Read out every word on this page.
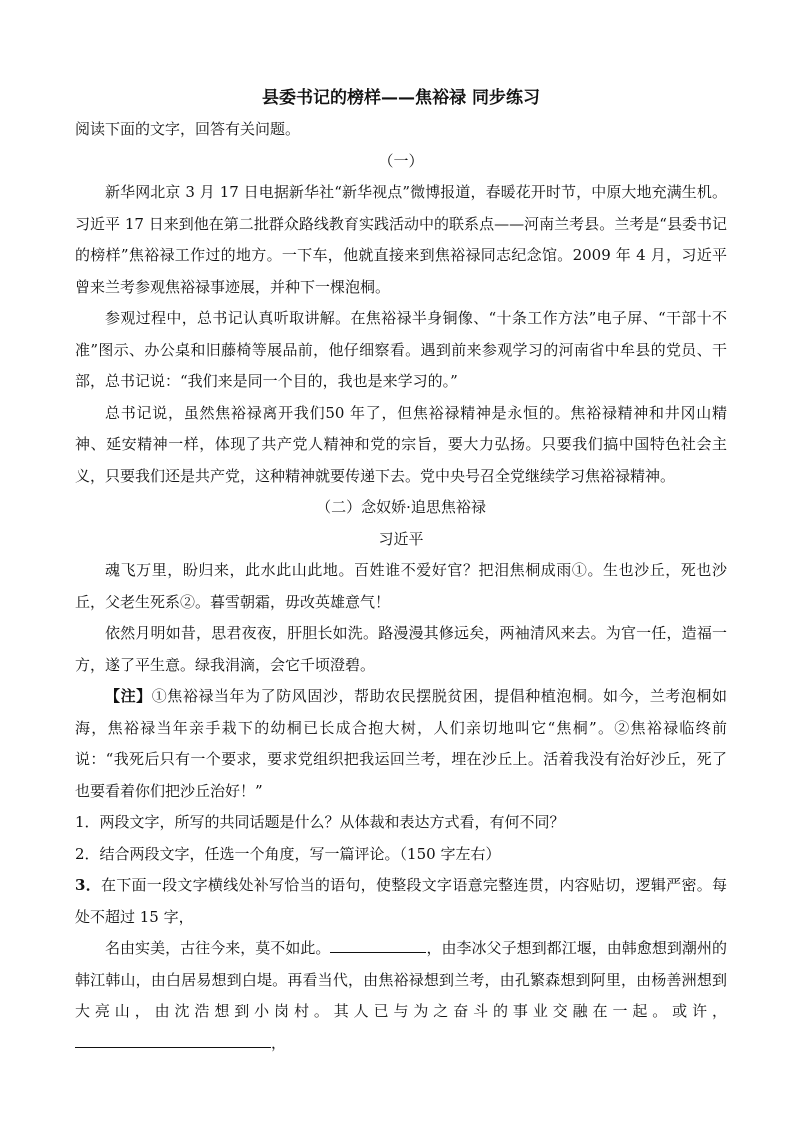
县委书记的榜样——焦裕禄 同步练习

阅读下面的文字，回答有关问题。

（一）

新华网北京 3 月 17 日电据新华社“新华视点”微博报道，春暖花开时节，中原大地充满生机。习近平 17 日来到他在第二批群众路线教育实践活动中的联系点——河南兰考县。兰考是“县委书记的榜样”焦裕禄工作过的地方。一下车，他就直接来到焦裕禄同志纪念馆。2009 年 4 月，习近平曾来兰考参观焦裕禄事迹展，并种下一棵泡桐。

参观过程中，总书记认真听取讲解。在焦裕禄半身铜像、“十条工作方法”电子屏、“干部十不准”图示、办公桌和旧藤椅等展品前，他仔细察看。遇到前来参观学习的河南省中牟县的党员、干部，总书记说：“我们来是同一个目的，我也是来学习的。”

总书记说，虽然焦裕禄离开我们50 年了，但焦裕禄精神是永恒的。焦裕禄精神和井冈山精神、延安精神一样，体现了共产党人精神和党的宗旨，要大力弘扬。只要我们搞中国特色社会主义，只要我们还是共产党，这种精神就要传递下去。党中央号召全党继续学习焦裕禄精神。

（二）念奴娇·追思焦裕禄

习近平

魂飞万里，盼归来，此水此山此地。百姓谁不爱好官？把泪焦桐成雨①。生也沙丘，死也沙丘，父老生死系②。暮雪朝霜，毋改英雄意气！

依然月明如昔，思君夜夜，肝胆长如洗。路漫漫其修远矣，两袖清风来去。为官一任，造福一方，遂了平生意。绿我涓滴，会它千顷澄碧。

【注】①焦裕禄当年为了防风固沙，帮助农民摆脱贫困，提倡种植泡桐。如今，兰考泡桐如海，焦裕禄当年亲手栽下的幼桐已长成合抱大树，人们亲切地叫它“焦桐”。②焦裕禄临终前说：“我死后只有一个要求，要求党组织把我运回兰考，埋在沙丘上。活着我没有治好沙丘，死了也要看着你们把沙丘治好！”

1．两段文字，所写的共同话题是什么？从体裁和表达方式看，有何不同？

2．结合两段文字，任选一个角度，写一篇评论。（150 字左右）

3．在下面一段文字横线处补写恰当的语句，使整段文字语意完整连贯，内容贴切，逻辑严密。每处不超过 15 字，

名由实美，古往今来，莫不如此。	，由李冰父子想到都江堰，由韩愈想到潮州的韩江韩山，由白居易想到白堤。再看当代，由焦裕禄想到兰考，由孔繁森想到阿里，由杨善洲想到大亮山，由沈浩想到小岗村。其人已与为之奋斗的事业交融在一起。或许，，
